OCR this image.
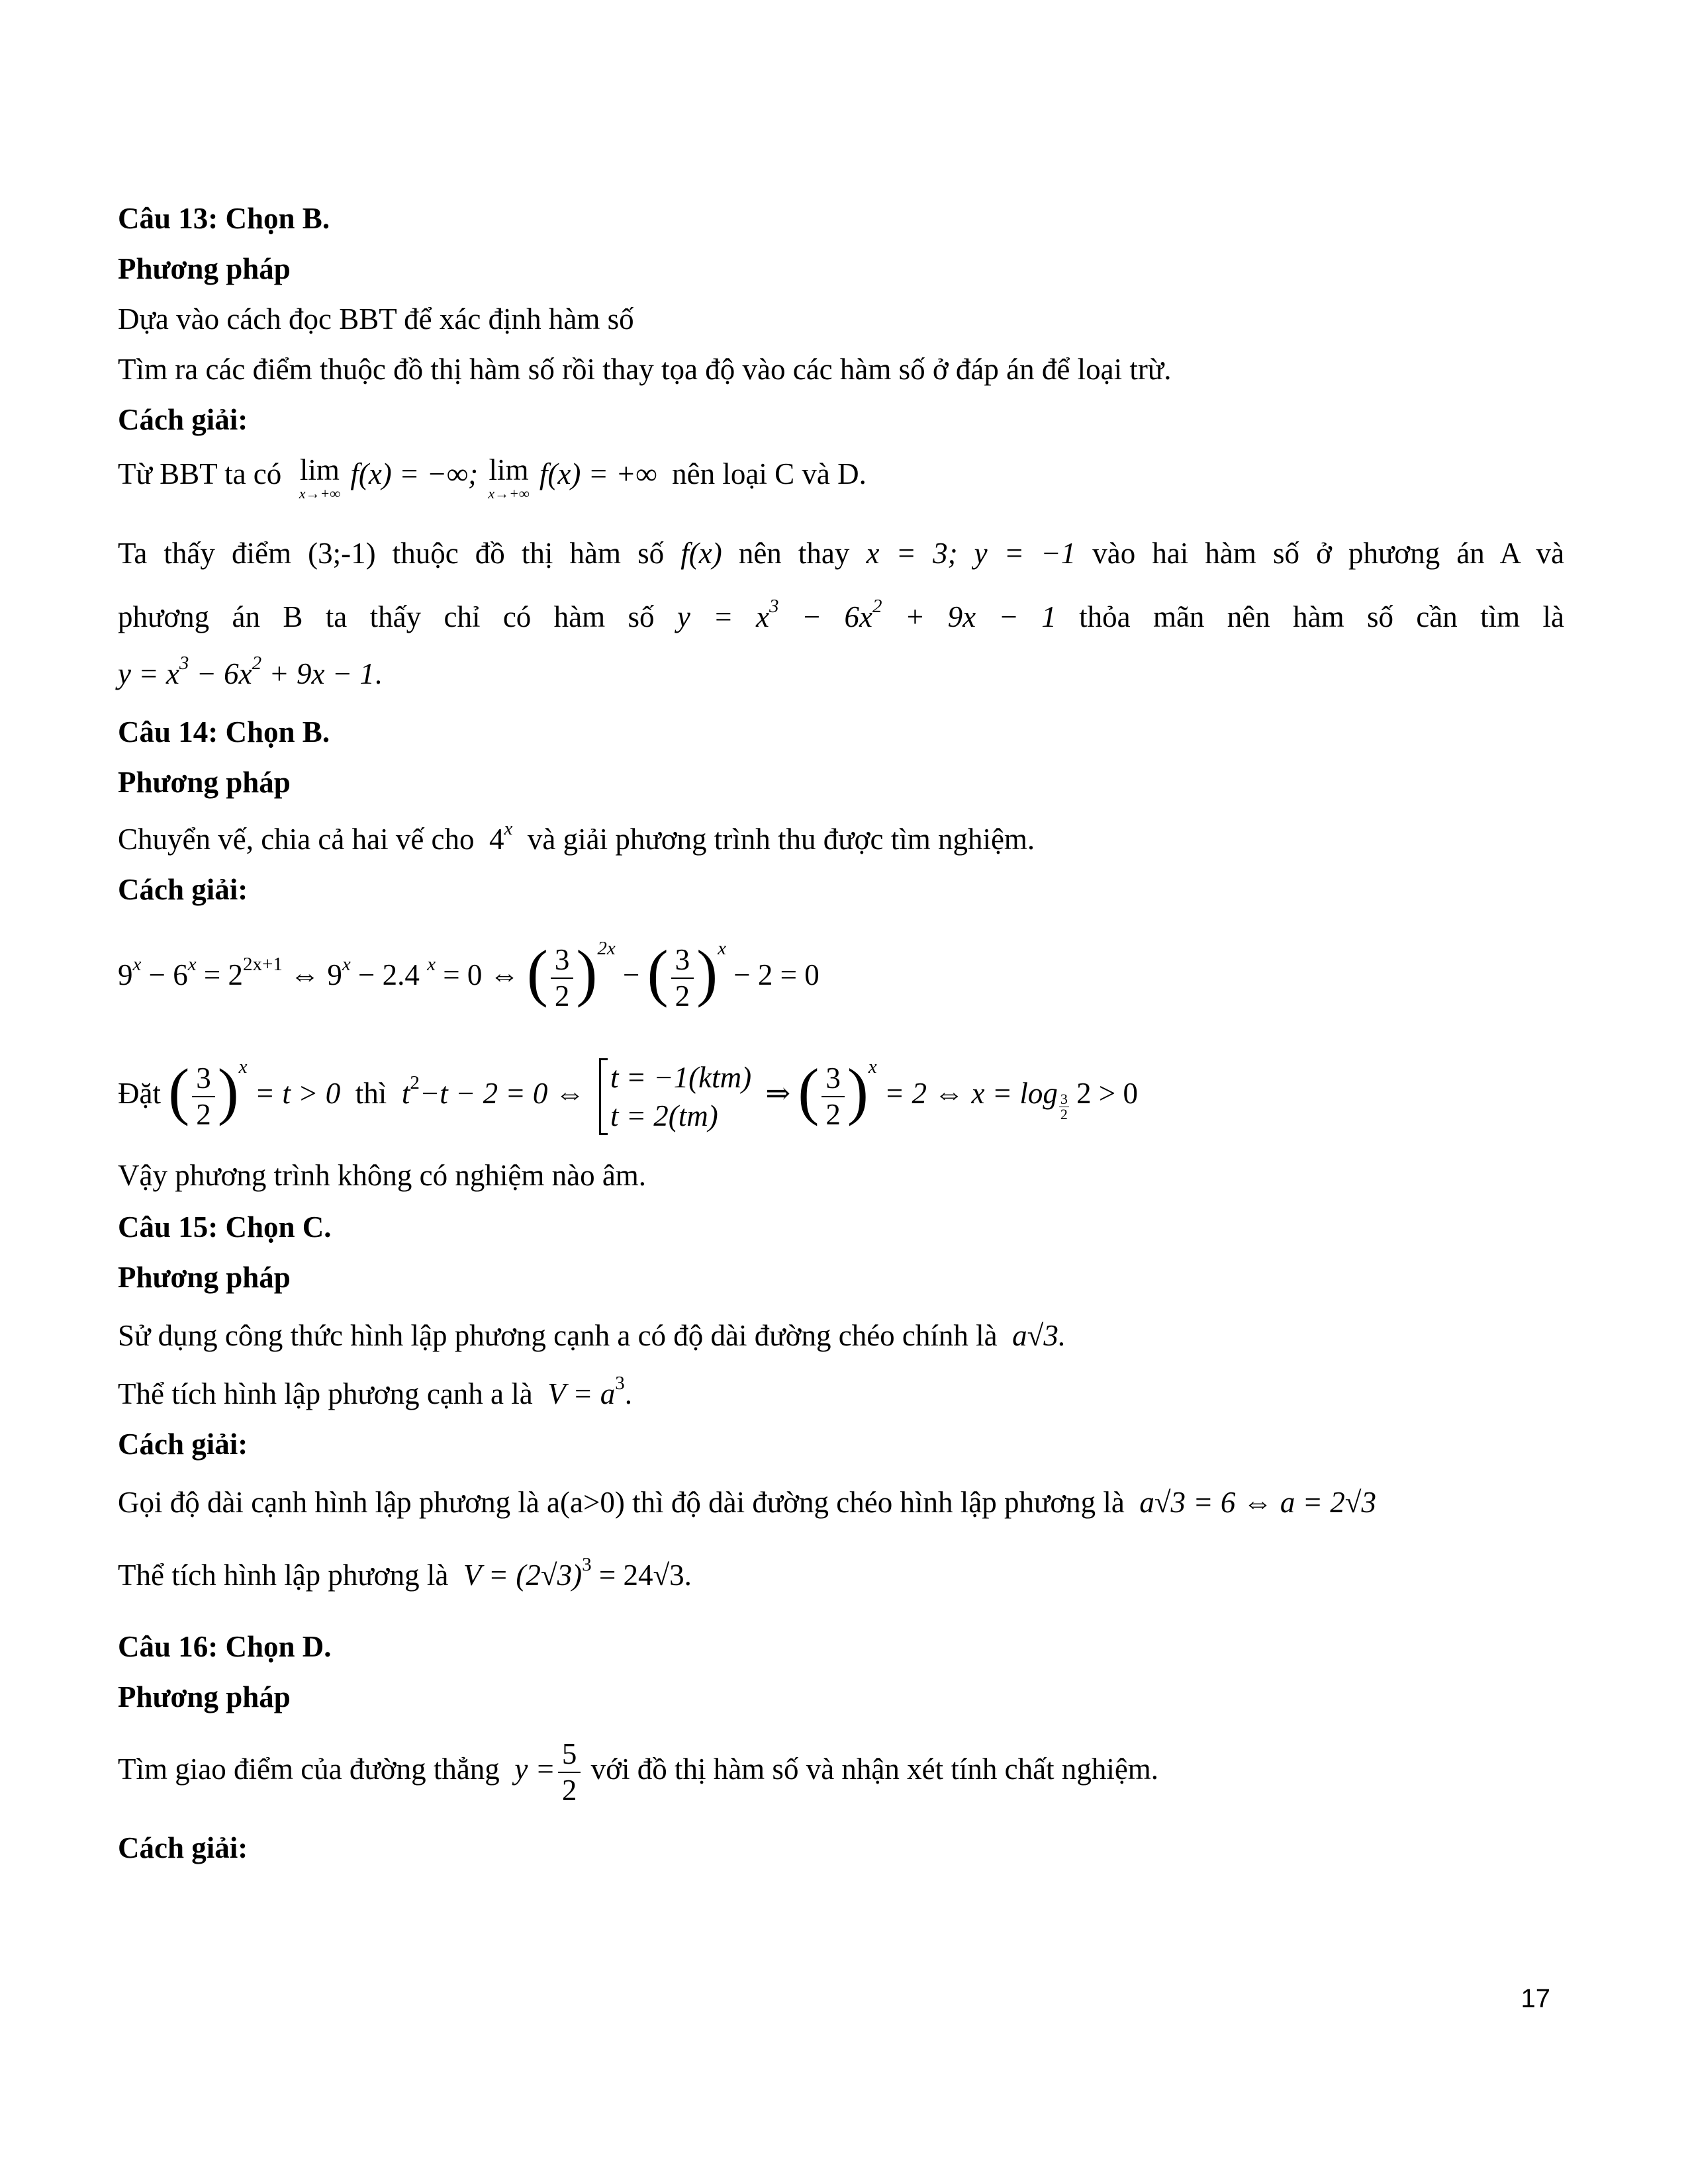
Câu 13: Chọn B.
Phương pháp
Dựa vào cách đọc BBT để xác định hàm số
Tìm ra các điểm thuộc đồ thị hàm số rồi thay tọa độ vào các hàm số ở đáp án để loại trừ.
Cách giải:
Từ BBT ta có lim
x→+∞
f(x) = −∞; lim
x→+∞
f(x) = +∞ nên loại C và D.
Ta thấy điểm (3;-1) thuộc đồ thị hàm số f(x) nên thay x = 3; y = −1 vào hai hàm số ở phương án A và
phương án B ta thấy chỉ có hàm số $y = x^3 - 6x^2 + 9x - 1$ thỏa mãn nên hàm số cần tìm là
$y = x^3 - 6x^2 + 9x - 1$.
Câu 14: Chọn B.
Phương pháp
Chuyển vế, chia cả hai vế cho 4$^x$ và giải phương trình thu được tìm nghiệm.
Cách giải:
$9^x - 6^x = 2^{2x+1}$ ⇔ $9^x - 2.4$ $^x$ = 0 ⇔ ( $\frac{3}{2} )^{2x}$ − ( $\frac{3}{2} )^x - 2 = 0$
Đặt ( $\frac{3}{2} )^x = t > 0$ thì $t^2-t - 2 = 0$ ⇔ t = −1(ktm)
t = 2(tm)
⇒ ( $\frac{3}{2} )^x = 2$ ⇔ $x = \log \frac{3}{2} 2 > 0$
Vậy phương trình không có nghiệm nào âm.
Câu 15: Chọn C.
Phương pháp
Sử dụng công thức hình lập phương cạnh a có độ dài đường chéo chính là a√3.
Thể tích hình lập phương cạnh a là $V = a^3$.
Cách giải:
Gọi độ dài cạnh hình lập phương là a(a>0) thì độ dài đường chéo hình lập phương là a√3 = 6 ⇔ a = 2√3
Thể tích hình lập phương là $V = (2√3)^3 = 24√3$.
Câu 16: Chọn D.
Phương pháp
Tìm giao điểm của đường thẳng $y = \frac{5}{2}$ với đồ thị hàm số và nhận xét tính chất nghiệm.
Cách giải:
17
